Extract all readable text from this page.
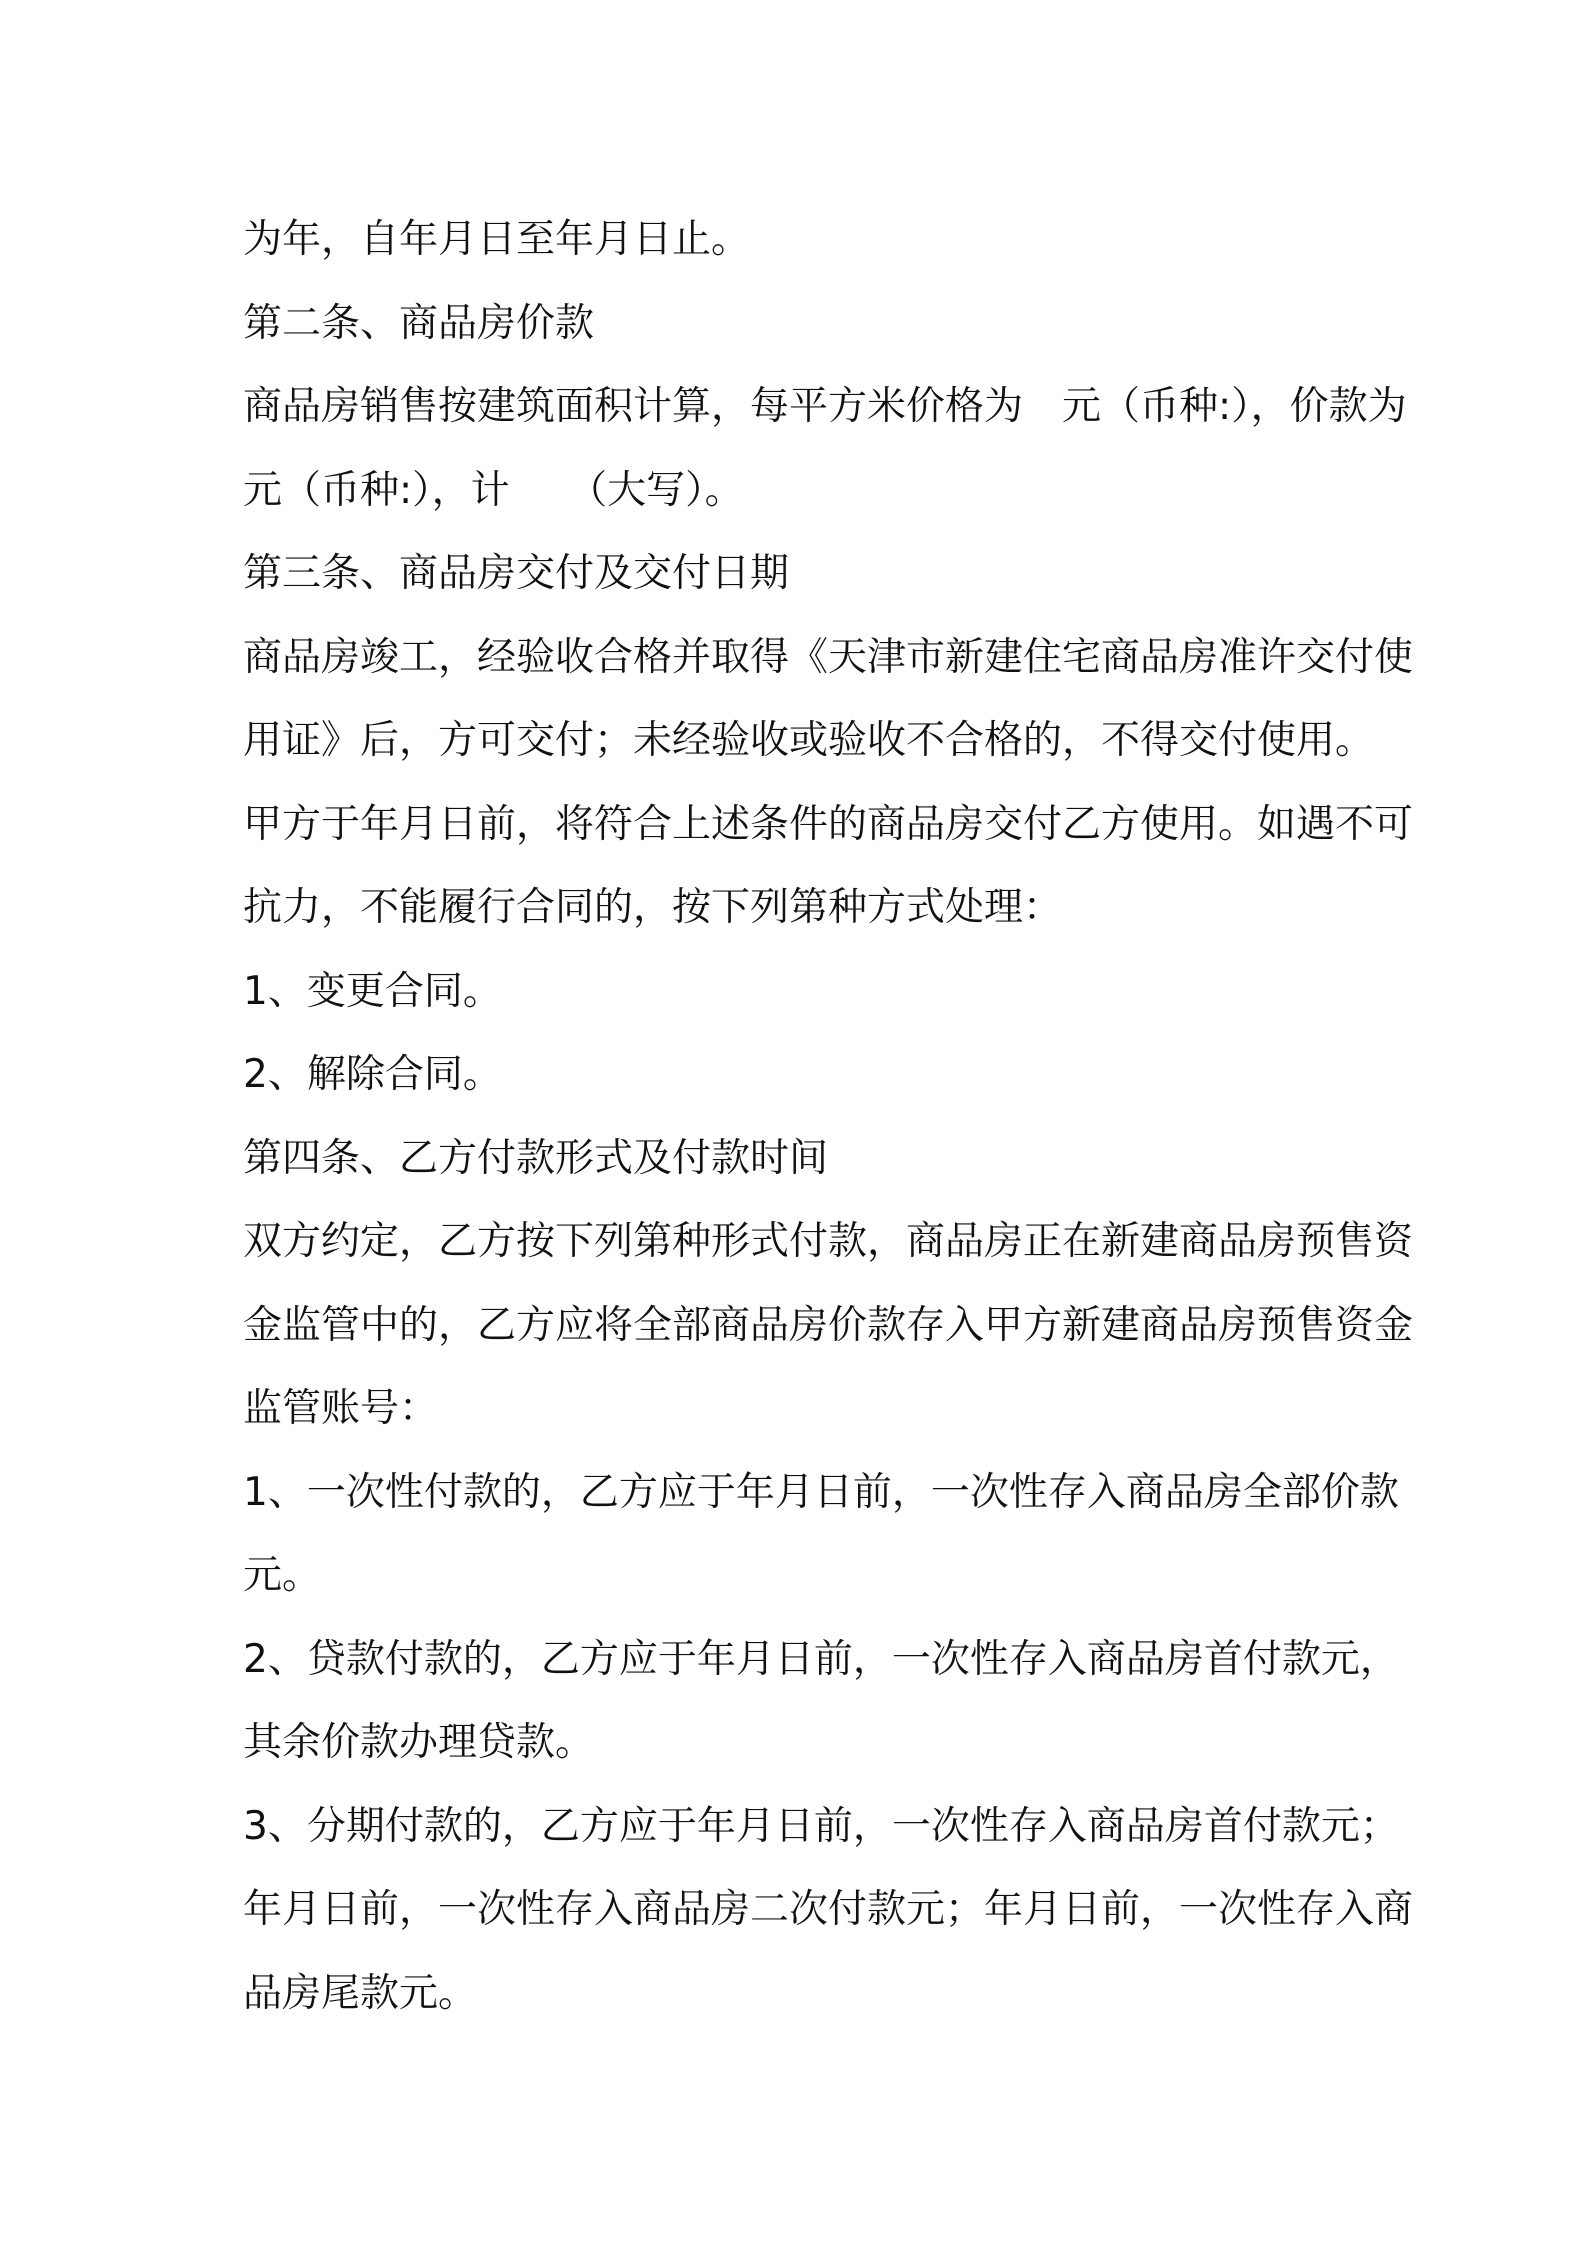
为年，自年月日至年月日止。
第二条、商品房价款
商品房销售按建筑面积计算，每平方米价格为　元（币种:），价款为
元（币种:），计　　（大写）。
第三条、商品房交付及交付日期
商品房竣工，经验收合格并取得《天津市新建住宅商品房准许交付使
用证》后，方可交付；未经验收或验收不合格的，不得交付使用。
甲方于年月日前，将符合上述条件的商品房交付乙方使用。如遇不可
抗力，不能履行合同的，按下列第种方式处理：
1、变更合同。
2、解除合同。
第四条、乙方付款形式及付款时间
双方约定，乙方按下列第种形式付款，商品房正在新建商品房预售资
金监管中的，乙方应将全部商品房价款存入甲方新建商品房预售资金
监管账号：
1、一次性付款的，乙方应于年月日前，一次性存入商品房全部价款
元。
2、贷款付款的，乙方应于年月日前，一次性存入商品房首付款元，
其余价款办理贷款。
3、分期付款的，乙方应于年月日前，一次性存入商品房首付款元；
年月日前，一次性存入商品房二次付款元；年月日前，一次性存入商
品房尾款元。
